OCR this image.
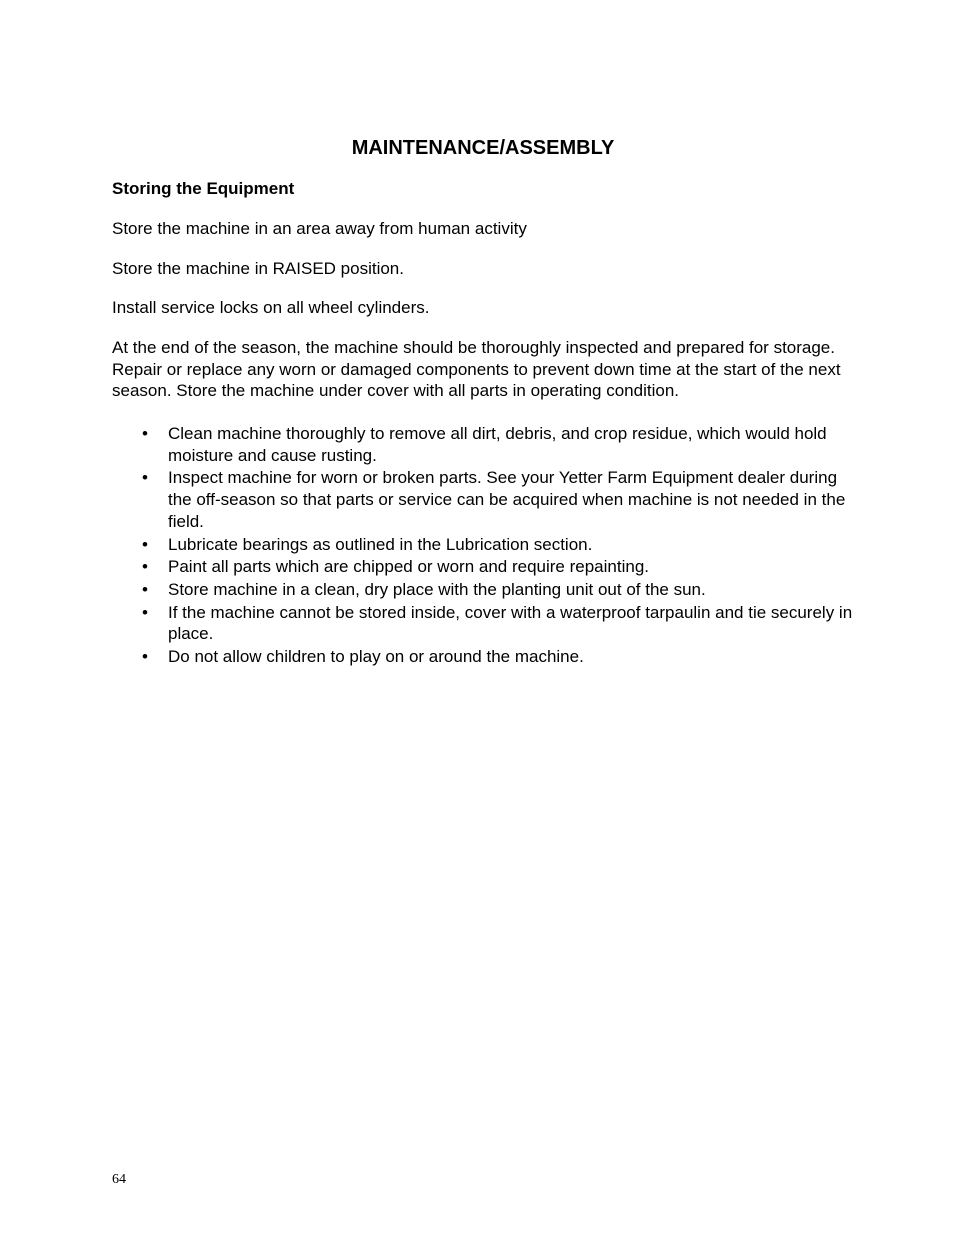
MAINTENANCE/ASSEMBLY
Storing the Equipment

Store the machine in an area away from human activity

Store the machine in RAISED position.

Install service locks on all wheel cylinders.

At the end of the season, the machine should be thoroughly inspected and prepared for storage. Repair or replace any worn or damaged components to prevent down time at the start of the next season. Store the machine under cover with all parts in operating condition.

• Clean machine thoroughly to remove all dirt, debris, and crop residue, which would hold moisture and cause rusting.
• Inspect machine for worn or broken parts. See your Yetter Farm Equipment dealer during the off-season so that parts or service can be acquired when machine is not needed in the field.
• Lubricate bearings as outlined in the Lubrication section.
• Paint all parts which are chipped or worn and require repainting.
• Store machine in a clean, dry place with the planting unit out of the sun.
• If the machine cannot be stored inside, cover with a waterproof tarpaulin and tie securely in place.
• Do not allow children to play on or around the machine.
64
